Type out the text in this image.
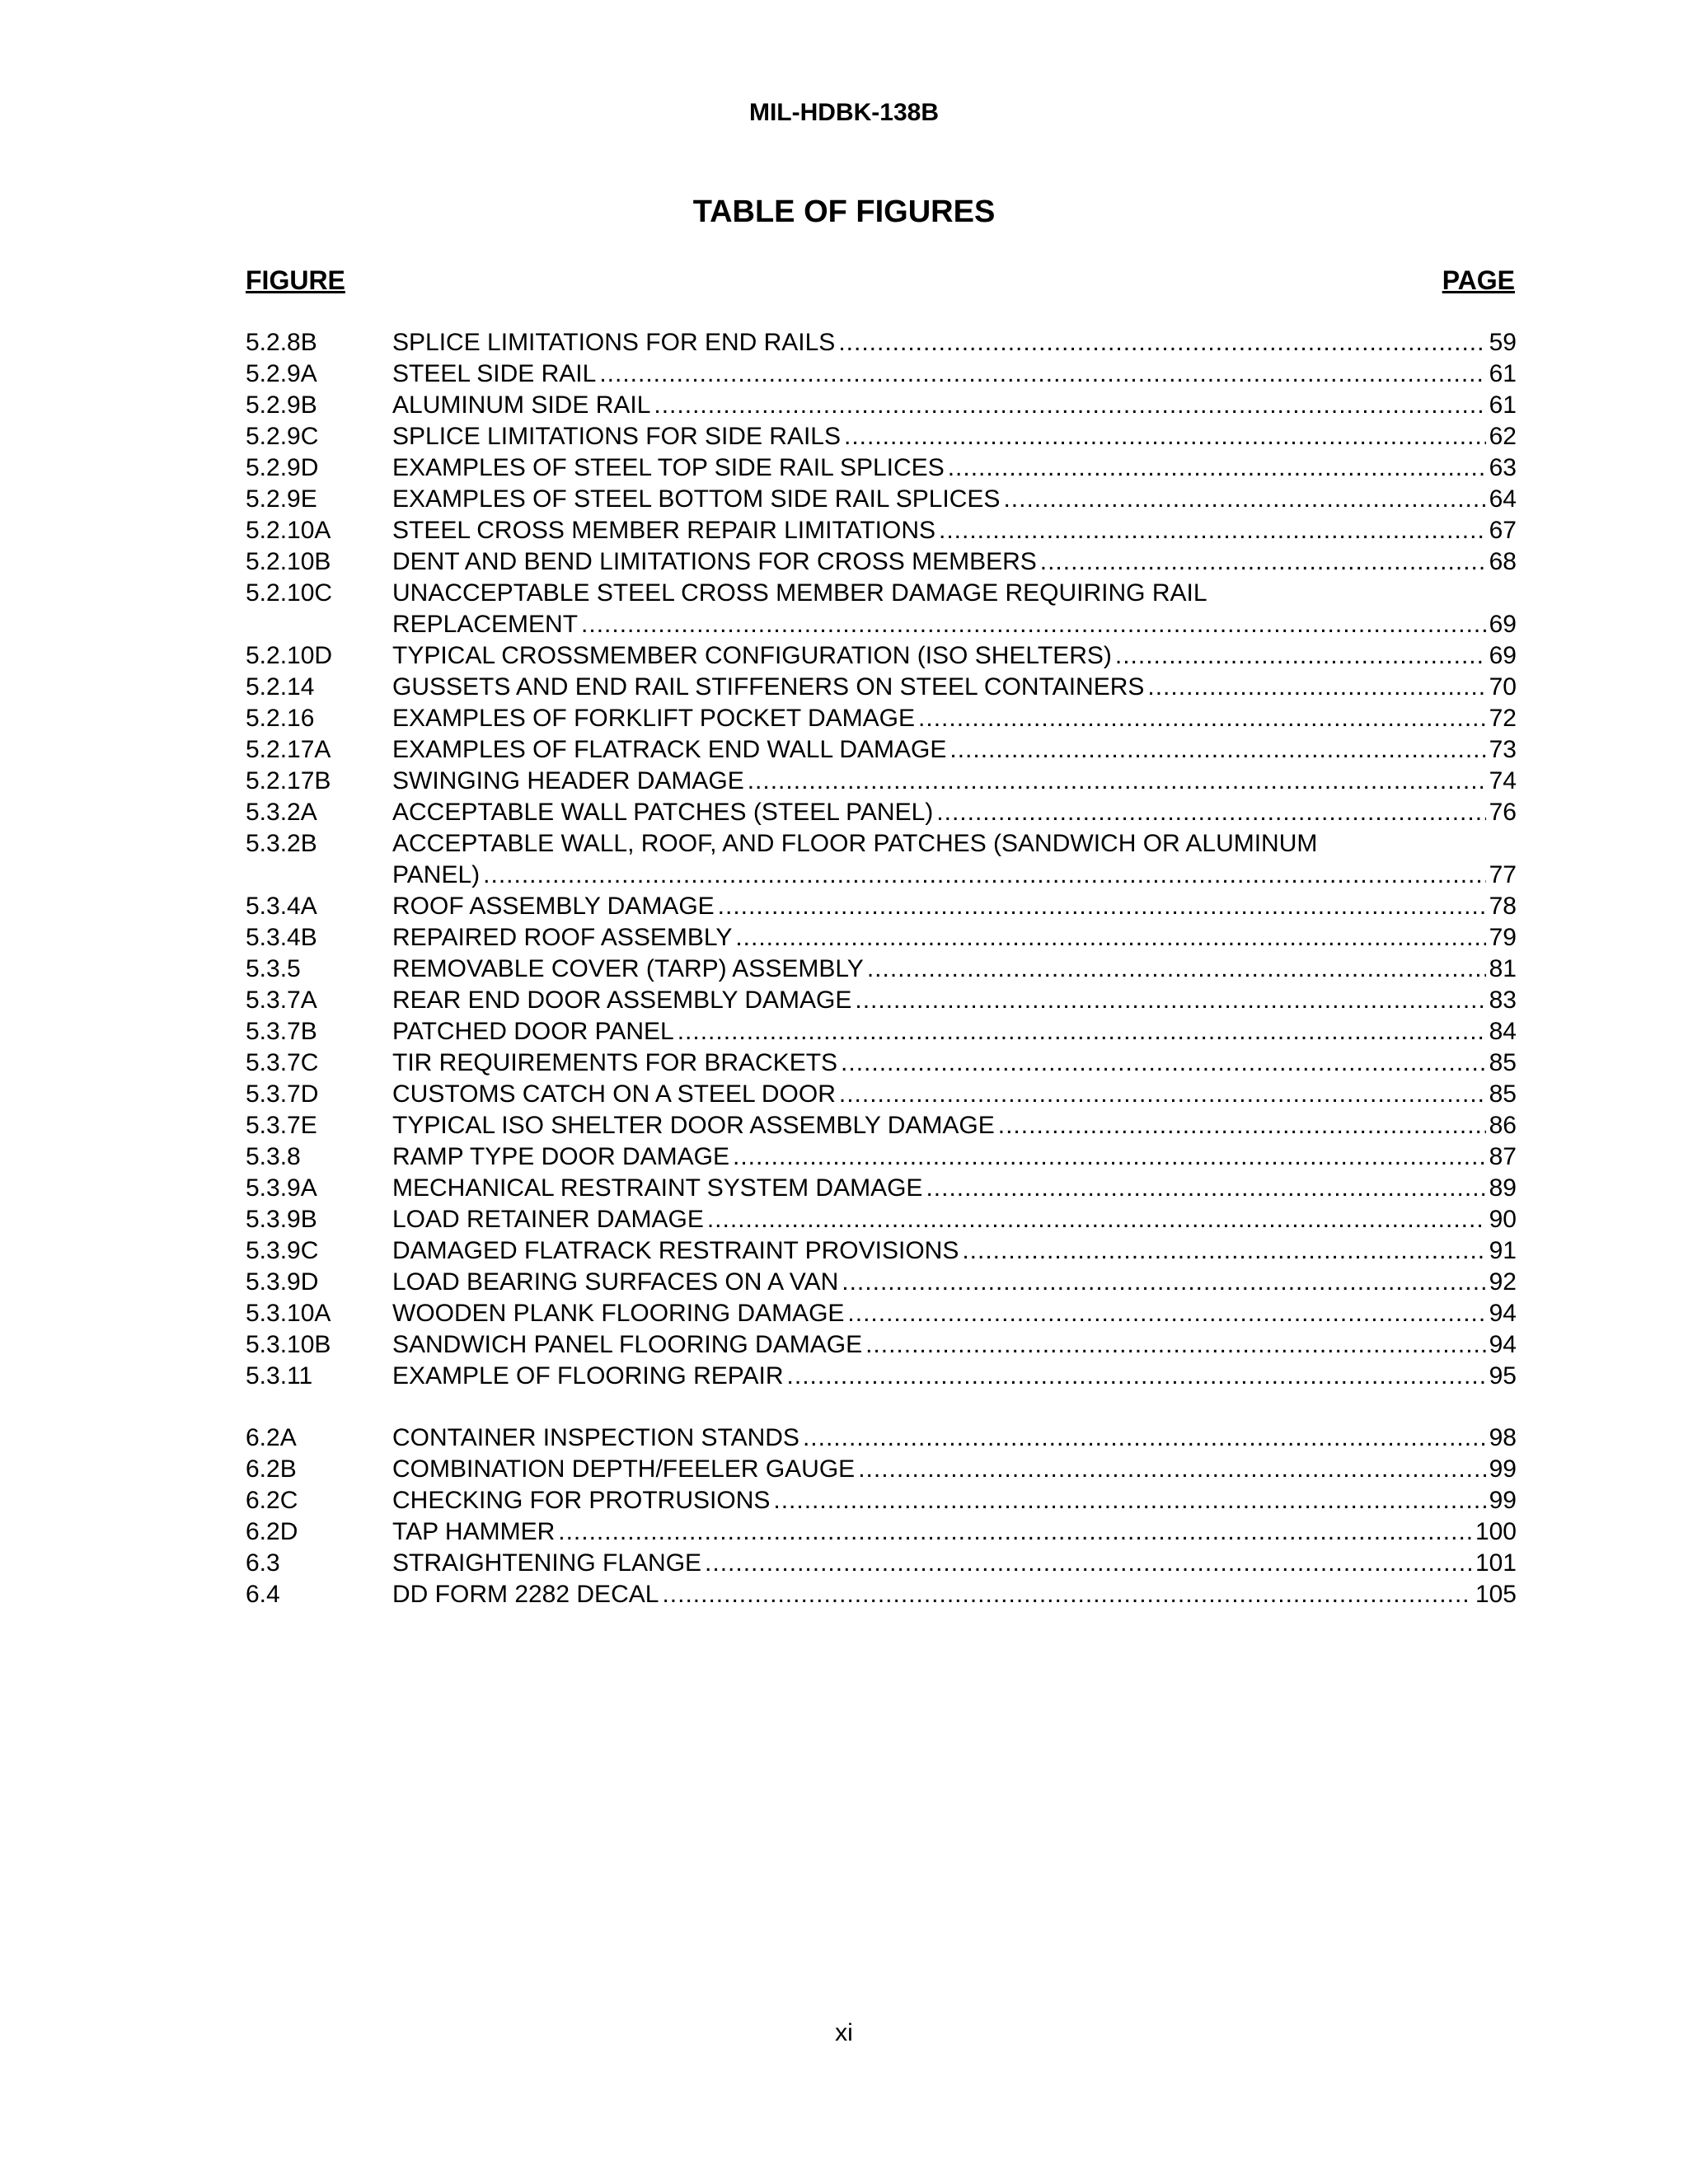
MIL-HDBK-138B
TABLE OF FIGURES
FIGURE	PAGE
5.2.8B	SPLICE LIMITATIONS FOR END RAILS .....	59
5.2.9A	STEEL SIDE RAIL .....	61
5.2.9B	ALUMINUM SIDE RAIL .....	61
5.2.9C	SPLICE LIMITATIONS FOR SIDE RAILS .....	62
5.2.9D	EXAMPLES OF STEEL TOP SIDE RAIL SPLICES .....	63
5.2.9E	EXAMPLES OF STEEL BOTTOM SIDE RAIL SPLICES .....	64
5.2.10A	STEEL CROSS MEMBER REPAIR LIMITATIONS .....	67
5.2.10B	DENT AND BEND LIMITATIONS FOR CROSS MEMBERS .....	68
5.2.10C	UNACCEPTABLE STEEL CROSS MEMBER DAMAGE REQUIRING RAIL
REPLACEMENT .....	69
5.2.10D	TYPICAL CROSSMEMBER CONFIGURATION (ISO SHELTERS) .....	69
5.2.14	GUSSETS AND END RAIL STIFFENERS ON STEEL CONTAINERS .....	70
5.2.16	EXAMPLES OF FORKLIFT POCKET DAMAGE .....	72
5.2.17A	EXAMPLES OF FLATRACK END WALL DAMAGE .....	73
5.2.17B	SWINGING HEADER DAMAGE .....	74
5.3.2A	ACCEPTABLE WALL PATCHES (STEEL PANEL) .....	76
5.3.2B	ACCEPTABLE WALL, ROOF, AND FLOOR PATCHES (SANDWICH OR ALUMINUM
PANEL) .....	77
5.3.4A	ROOF ASSEMBLY DAMAGE .....	78
5.3.4B	REPAIRED ROOF ASSEMBLY .....	79
5.3.5	REMOVABLE COVER (TARP) ASSEMBLY .....	81
5.3.7A	REAR END DOOR ASSEMBLY DAMAGE .....	83
5.3.7B	PATCHED DOOR PANEL .....	84
5.3.7C	TIR REQUIREMENTS FOR BRACKETS .....	85
5.3.7D	CUSTOMS CATCH ON A STEEL DOOR .....	85
5.3.7E	TYPICAL ISO SHELTER DOOR ASSEMBLY DAMAGE .....	86
5.3.8	RAMP TYPE DOOR DAMAGE .....	87
5.3.9A	MECHANICAL RESTRAINT SYSTEM DAMAGE .....	89
5.3.9B	LOAD RETAINER DAMAGE .....	90
5.3.9C	DAMAGED FLATRACK RESTRAINT PROVISIONS .....	91
5.3.9D	LOAD BEARING SURFACES ON A VAN .....	92
5.3.10A	WOODEN PLANK FLOORING DAMAGE .....	94
5.3.10B	SANDWICH PANEL FLOORING DAMAGE .....	94
5.3.11	EXAMPLE OF FLOORING REPAIR .....	95
6.2A	CONTAINER INSPECTION STANDS .....	98
6.2B	COMBINATION DEPTH/FEELER GAUGE .....	99
6.2C	CHECKING FOR PROTRUSIONS .....	99
6.2D	TAP HAMMER .....	100
6.3	STRAIGHTENING FLANGE .....	101
6.4	DD FORM 2282 DECAL .....	105
xi
